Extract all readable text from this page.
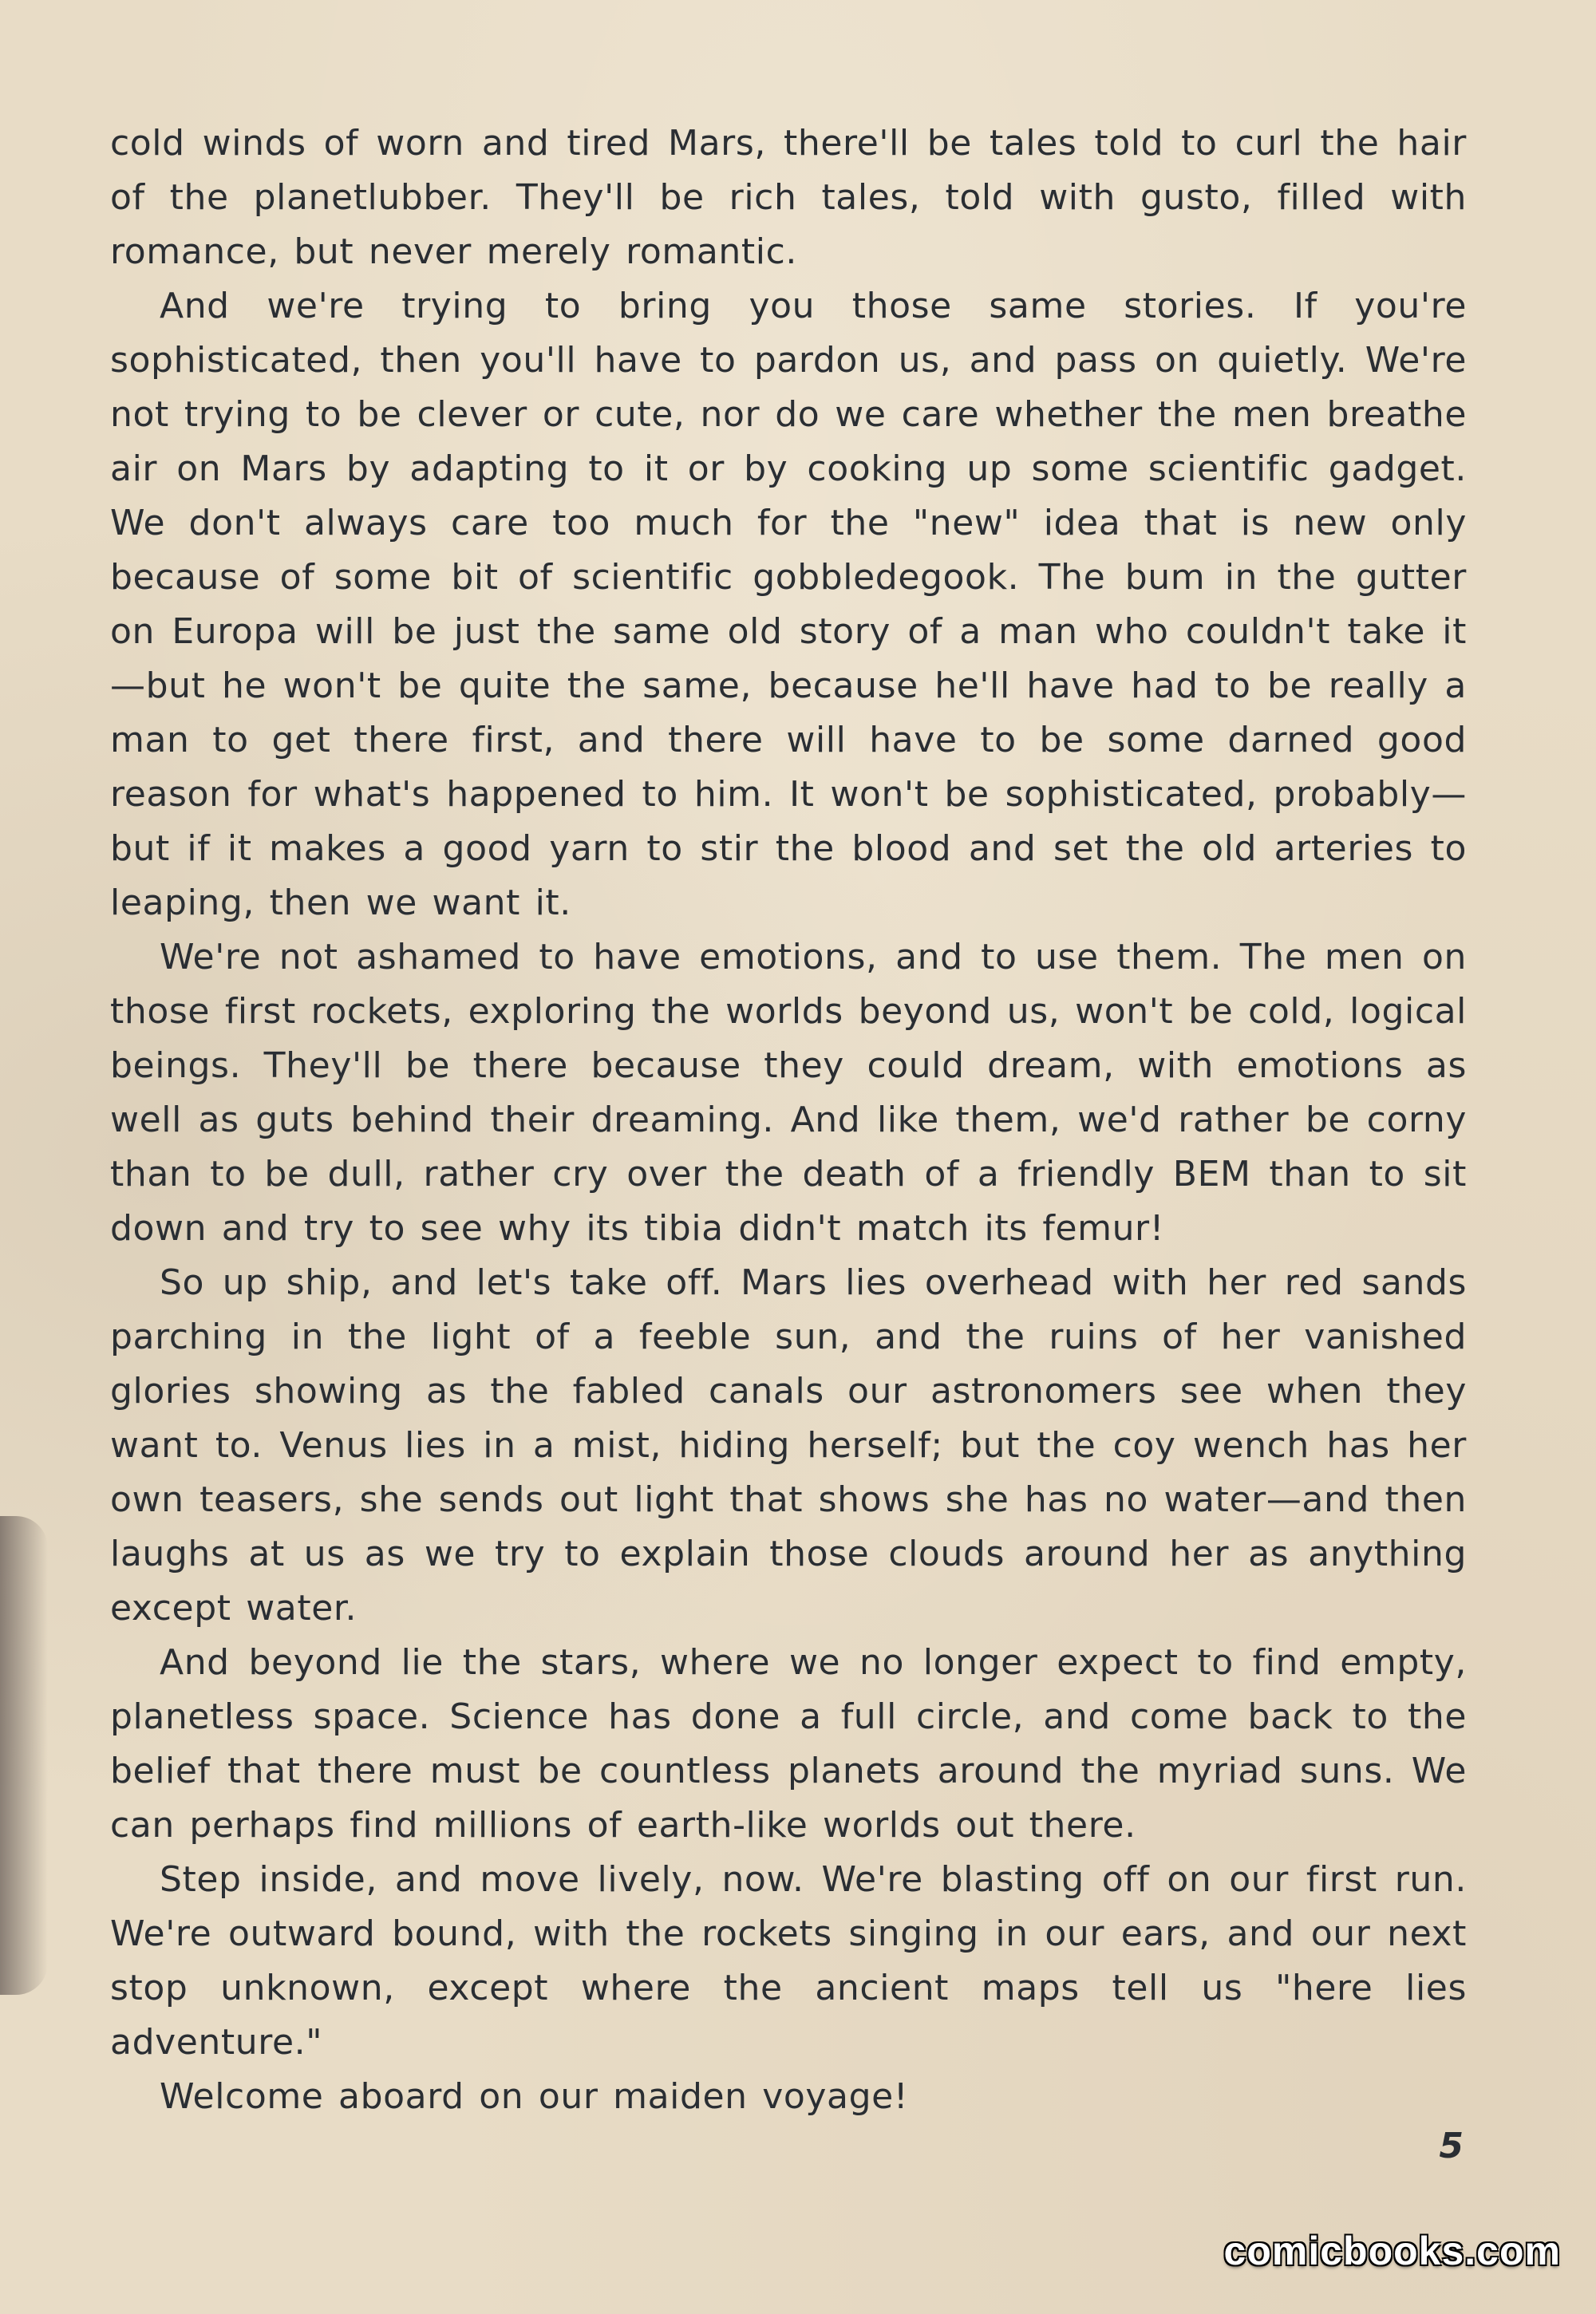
cold winds of worn and tired Mars, there'll be tales told to curl the hair of the planetlubber. They'll be rich tales, told with gusto, filled with romance, but never merely romantic.

And we're trying to bring you those same stories. If you're sophisticated, then you'll have to pardon us, and pass on quietly. We're not trying to be clever or cute, nor do we care whether the men breathe air on Mars by adapting to it or by cooking up some scientific gadget. We don't always care too much for the "new" idea that is new only because of some bit of scientific gobbledegook. The bum in the gutter on Europa will be just the same old story of a man who couldn't take it —but he won't be quite the same, because he'll have had to be really a man to get there first, and there will have to be some darned good reason for what's happened to him. It won't be sophisticated, probably—but if it makes a good yarn to stir the blood and set the old arteries to leaping, then we want it.

We're not ashamed to have emotions, and to use them. The men on those first rockets, exploring the worlds beyond us, won't be cold, logical beings. They'll be there because they could dream, with emotions as well as guts behind their dreaming. And like them, we'd rather be corny than to be dull, rather cry over the death of a friendly BEM than to sit down and try to see why its tibia didn't match its femur!

So up ship, and let's take off. Mars lies overhead with her red sands parching in the light of a feeble sun, and the ruins of her vanished glories showing as the fabled canals our astronomers see when they want to. Venus lies in a mist, hiding herself; but the coy wench has her own teasers, she sends out light that shows she has no water—and then laughs at us as we try to explain those clouds around her as anything except water.

And beyond lie the stars, where we no longer expect to find empty, planetless space. Science has done a full circle, and come back to the belief that there must be countless planets around the myriad suns. We can perhaps find millions of earth-like worlds out there.

Step inside, and move lively, now. We're blasting off on our first run. We're outward bound, with the rockets singing in our ears, and our next stop unknown, except where the ancient maps tell us "here lies adventure."

Welcome aboard on our maiden voyage!

5
comicbooks.com
